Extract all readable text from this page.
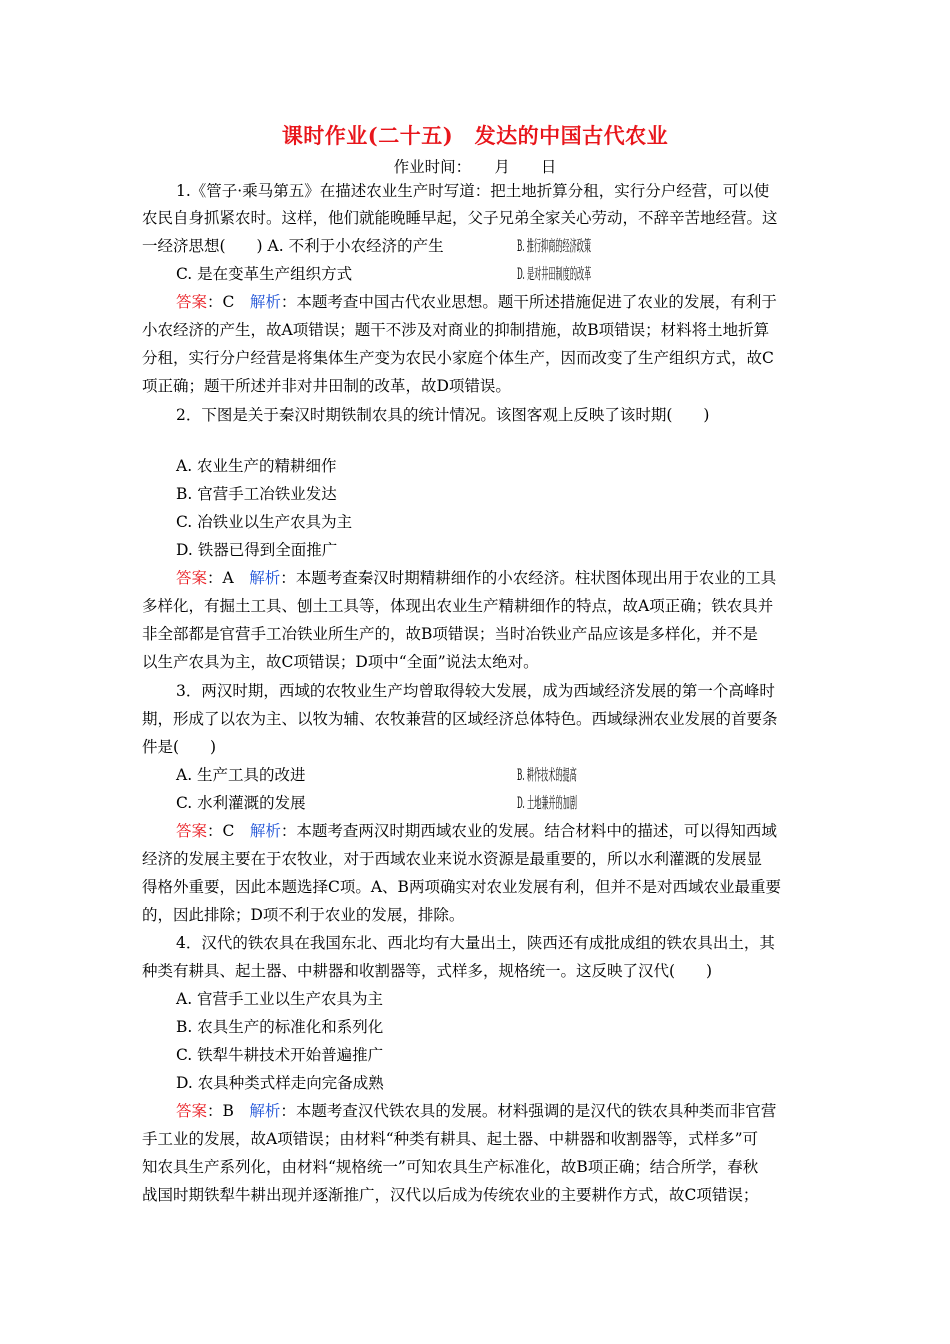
课时作业(二十五)　发达的中国古代农业
作业时间：　　月　　日
1.《管子·乘马第五》在描述农业生产时写道：把土地折算分租，实行分户经营，可以使
农民自身抓紧农时。这样，他们就能晚睡早起，父子兄弟全家关心劳动，不辞辛苦地经营。这
一经济思想(　　) A. 不利于小农经济的产生	B. 推行抑商的经济政策
C. 是在变革生产组织方式	D. 是对井田制度的改革
答案：C　解析：本题考查中国古代农业思想。题干所述措施促进了农业的发展，有利于
小农经济的产生，故A项错误；题干不涉及对商业的抑制措施，故B项错误；材料将土地折算
分租，实行分户经营是将集体生产变为农民小家庭个体生产，因而改变了生产组织方式，故C
项正确；题干所述并非对井田制的改革，故D项错误。
2．下图是关于秦汉时期铁制农具的统计情况。该图客观上反映了该时期(　　)
A. 农业生产的精耕细作
B. 官营手工冶铁业发达
C. 冶铁业以生产农具为主
D. 铁器已得到全面推广
答案：A　解析：本题考查秦汉时期精耕细作的小农经济。柱状图体现出用于农业的工具
多样化，有掘土工具、刨土工具等，体现出农业生产精耕细作的特点，故A项正确；铁农具并
非全部都是官营手工冶铁业所生产的，故B项错误；当时冶铁业产品应该是多样化，并不是
以生产农具为主，故C项错误；D项中“全面”说法太绝对。
3．两汉时期，西域的农牧业生产均曾取得较大发展，成为西域经济发展的第一个高峰时
期，形成了以农为主、以牧为辅、农牧兼营的区域经济总体特色。西域绿洲农业发展的首要条
件是(　　)
A. 生产工具的改进	B. 耕作技术的提高
C. 水利灌溉的发展	D. 土地兼并的加剧
答案：C　解析：本题考查两汉时期西域农业的发展。结合材料中的描述，可以得知西域
经济的发展主要在于农牧业，对于西域农业来说水资源是最重要的，所以水利灌溉的发展显
得格外重要，因此本题选择C项。A、B两项确实对农业发展有利，但并不是对西域农业最重要
的，因此排除；D项不利于农业的发展，排除。
4．汉代的铁农具在我国东北、西北均有大量出土，陕西还有成批成组的铁农具出土，其
种类有耕具、起土器、中耕器和收割器等，式样多，规格统一。这反映了汉代(　　)
A. 官营手工业以生产农具为主
B. 农具生产的标准化和系列化
C. 铁犁牛耕技术开始普遍推广
D. 农具种类式样走向完备成熟
答案：B　解析：本题考查汉代铁农具的发展。材料强调的是汉代的铁农具种类而非官营
手工业的发展，故A项错误；由材料“种类有耕具、起土器、中耕器和收割器等，式样多”可
知农具生产系列化，由材料“规格统一”可知农具生产标准化，故B项正确；结合所学，春秋
战国时期铁犁牛耕出现并逐渐推广，汉代以后成为传统农业的主要耕作方式，故C项错误；
